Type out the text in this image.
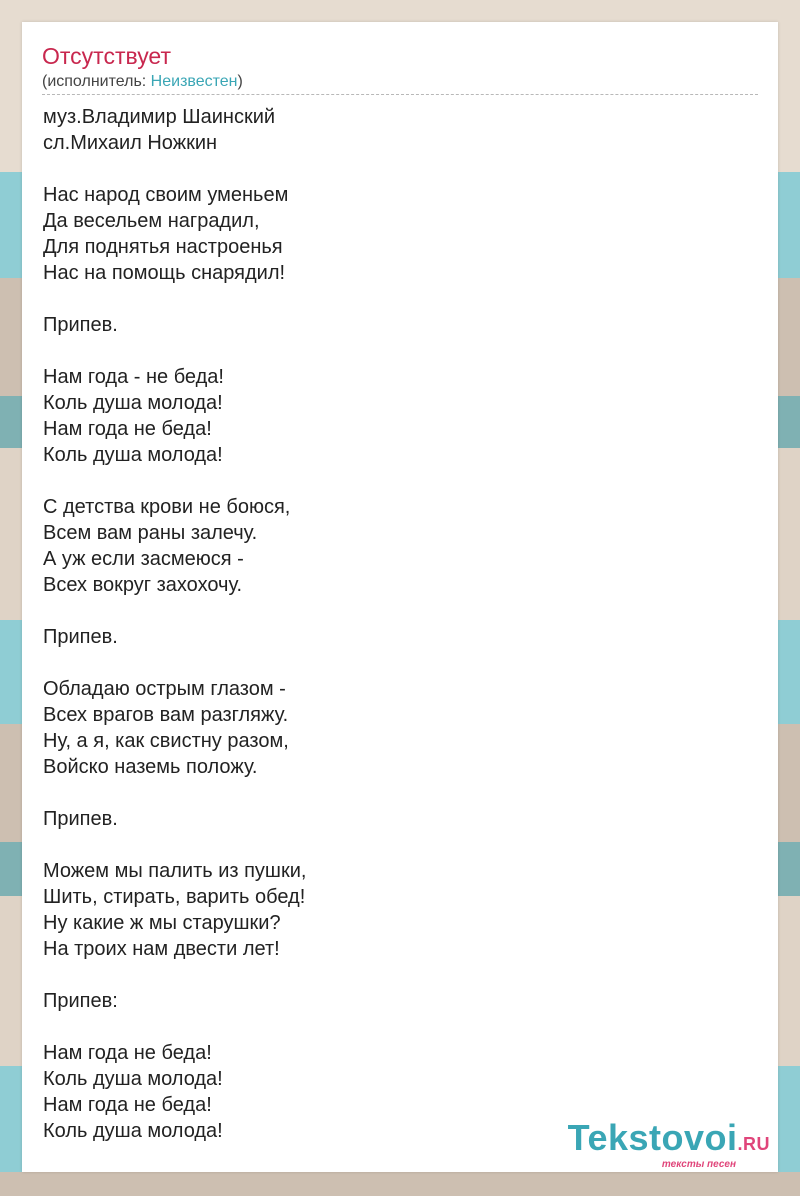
Отсутствует
(исполнитель: Неизвестен)
муз.Владимир Шаинский
сл.Михаил Ножкин
Нас народ своим уменьем
Да весельем наградил,
Для поднятья настроенья
Нас на помощь снарядил!
Припев.
Нам года - не беда!
Коль душа молода!
Нам года не беда!
Коль душа молода!
С детства крови не боюся,
Всем вам раны залечу.
А уж если засмеюся -
Всех вокруг захохочу.
Припев.
Обладаю острым глазом -
Всех врагов вам разгляжу.
Ну, а я, как свистну разом,
Войско наземь положу.
Припев.
Можем мы палить из пушки,
Шить, стирать, варить обед!
Ну какие ж мы старушки?
На троих нам двести лет!
Припев:
Нам года не беда!
Коль душа молода!
Нам года не беда!
Коль душа молода!	Tekstovoi.RU
тексты песен
